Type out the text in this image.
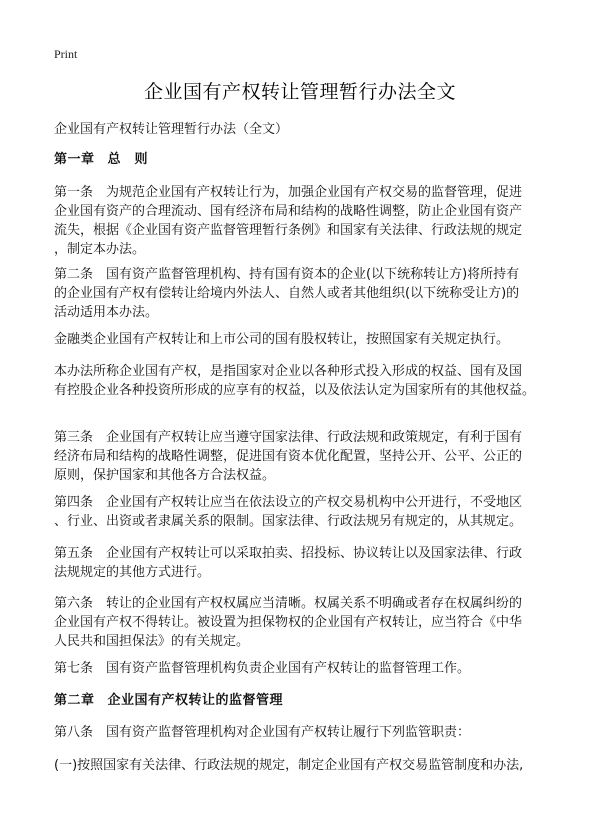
Print
企业国有产权转让管理暂行办法全文
企业国有产权转让管理暂行办法（全文）
第一章 总　则
第一条 为规范企业国有产权转让行为，加强企业国有产权交易的监督管理，促进
企业国有资产的合理流动、国有经济布局和结构的战略性调整，防止企业国有资产
流失，根据《企业国有资产监督管理暂行条例》和国家有关法律、行政法规的规定
，制定本办法。
第二条 国有资产监督管理机构、持有国有资本的企业(以下统称转让方)将所持有
的企业国有产权有偿转让给境内外法人、自然人或者其他组织(以下统称受让方)的
活动适用本办法。
金融类企业国有产权转让和上市公司的国有股权转让，按照国家有关规定执行。
本办法所称企业国有产权，是指国家对企业以各种形式投入形成的权益、国有及国
有控股企业各种投资所形成的应享有的权益，以及依法认定为国家所有的其他权益。
第三条 企业国有产权转让应当遵守国家法律、行政法规和政策规定，有利于国有
经济布局和结构的战略性调整，促进国有资本优化配置，坚持公开、公平、公正的
原则，保护国家和其他各方合法权益。
第四条 企业国有产权转让应当在依法设立的产权交易机构中公开进行，不受地区
、行业、出资或者隶属关系的限制。国家法律、行政法规另有规定的，从其规定。
第五条 企业国有产权转让可以采取拍卖、招投标、协议转让以及国家法律、行政
法规规定的其他方式进行。
第六条 转让的企业国有产权权属应当清晰。权属关系不明确或者存在权属纠纷的
企业国有产权不得转让。被设置为担保物权的企业国有产权转让，应当符合《中华
人民共和国担保法》的有关规定。
第七条 国有资产监督管理机构负责企业国有产权转让的监督管理工作。
第二章 企业国有产权转让的监督管理
第八条 国有资产监督管理机构对企业国有产权转让履行下列监管职责：
(一)按照国家有关法律、行政法规的规定，制定企业国有产权交易监管制度和办法,
